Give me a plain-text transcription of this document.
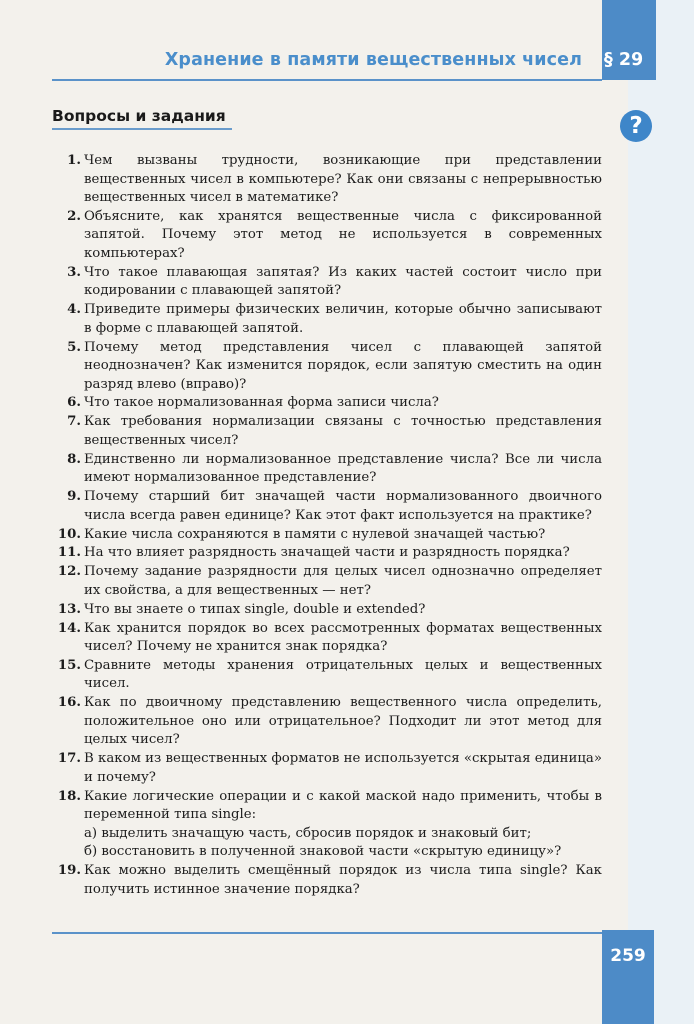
Хранение в памяти вещественных чисел § 29
Вопросы и задания	?
1. Чем вызваны трудности, возникающие при представлении вещественных чисел в компьютере? Как они связаны с непрерывностью вещественных чисел в математике?
2. Объясните, как хранятся вещественные числа с фиксированной запятой. Почему этот метод не используется в современных компьютерах?
3. Что такое плавающая запятая? Из каких частей состоит число при кодировании с плавающей запятой?
4. Приведите примеры физических величин, которые обычно записывают в форме с плавающей запятой.
5. Почему метод представления чисел с плавающей запятой неоднозначен? Как изменится порядок, если запятую сместить на один разряд влево (вправо)?
6. Что такое нормализованная форма записи числа?
7. Как требования нормализации связаны с точностью представления вещественных чисел?
8. Единственно ли нормализованное представление числа? Все ли числа имеют нормализованное представление?
9. Почему старший бит значащей части нормализованного двоичного числа всегда равен единице? Как этот факт используется на практике?
10. Какие числа сохраняются в памяти с нулевой значащей частью?
11. На что влияет разрядность значащей части и разрядность порядка?
12. Почему задание разрядности для целых чисел однозначно определяет их свойства, а для вещественных — нет?
13. Что вы знаете о типах single, double и extended?
14. Как хранится порядок во всех рассмотренных форматах вещественных чисел? Почему не хранится знак порядка?
15. Сравните методы хранения отрицательных целых и вещественных чисел.
16. Как по двоичному представлению вещественного числа определить, положительное оно или отрицательное? Подходит ли этот метод для целых чисел?
17. В каком из вещественных форматов не используется «скрытая единица» и почему?
18. Какие логические операции и с какой маской надо применить, чтобы в переменной типа single:
а) выделить значащую часть, сбросив порядок и знаковый бит;
б) восстановить в полученной знаковой части «скрытую единицу»?
19. Как можно выделить смещённый порядок из числа типа single? Как получить истинное значение порядка?
259
